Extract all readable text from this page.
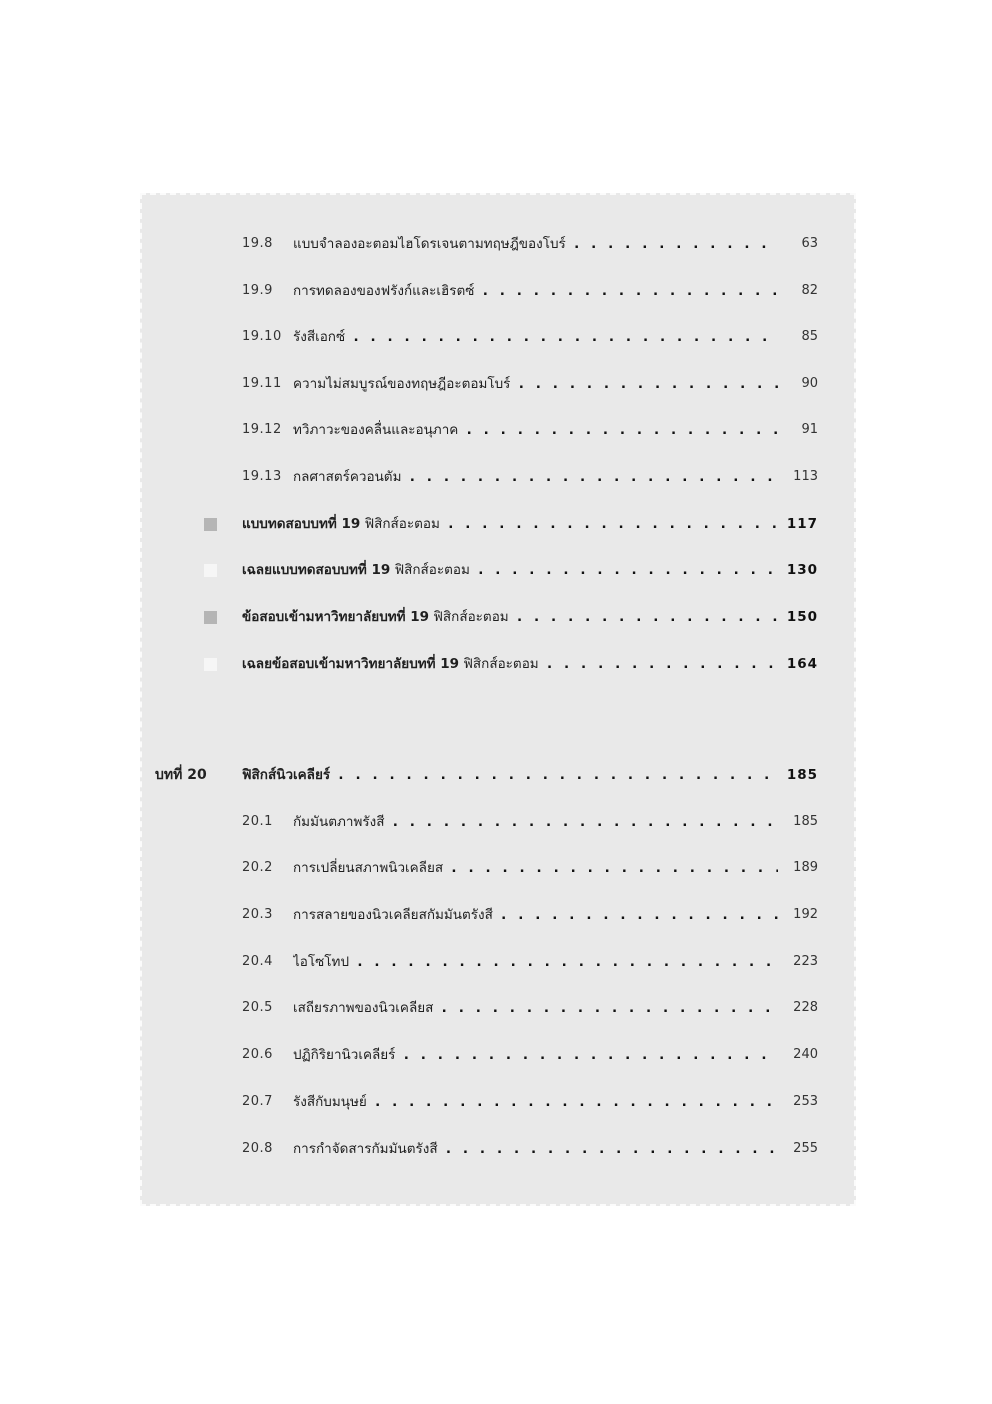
19.8 แบบจำลองอะตอมไฮโดรเจนตามทฤษฎีของโบร์ . . .	63
19.9 การทดลองของฟรังก์และเฮิรตซ์ . . .	82
19.10 รังสีเอกซ์ . . .	85
19.11 ความไม่สมบูรณ์ของทฤษฎีอะตอมโบร์ . . .	90
19.12 ทวิภาวะของคลื่นและอนุภาค . . .	91
19.13 กลศาสตร์ควอนตัม . . .	113
แบบทดสอบบทที่ 19 ฟิสิกส์อะตอม . . .	117
เฉลยแบบทดสอบบทที่ 19 ฟิสิกส์อะตอม . . .	130
ข้อสอบเข้ามหาวิทยาลัยบทที่ 19 ฟิสิกส์อะตอม . . .	150
เฉลยข้อสอบเข้ามหาวิทยาลัยบทที่ 19 ฟิสิกส์อะตอม . . .	164
บทที่ 20	ฟิสิกส์นิวเคลียร์ . . .	185
20.1 กัมมันตภาพรังสี . . .	185
20.2 การเปลี่ยนสภาพนิวเคลียส . . .	189
20.3 การสลายของนิวเคลียสกัมมันตรังสี . . .	192
20.4 ไอโซโทป . . .	223
20.5 เสถียรภาพของนิวเคลียส . . .	228
20.6 ปฏิกิริยานิวเคลียร์ . . .	240
20.7 รังสีกับมนุษย์ . . .	253
20.8 การกำจัดสารกัมมันตรังสี . . .	255
